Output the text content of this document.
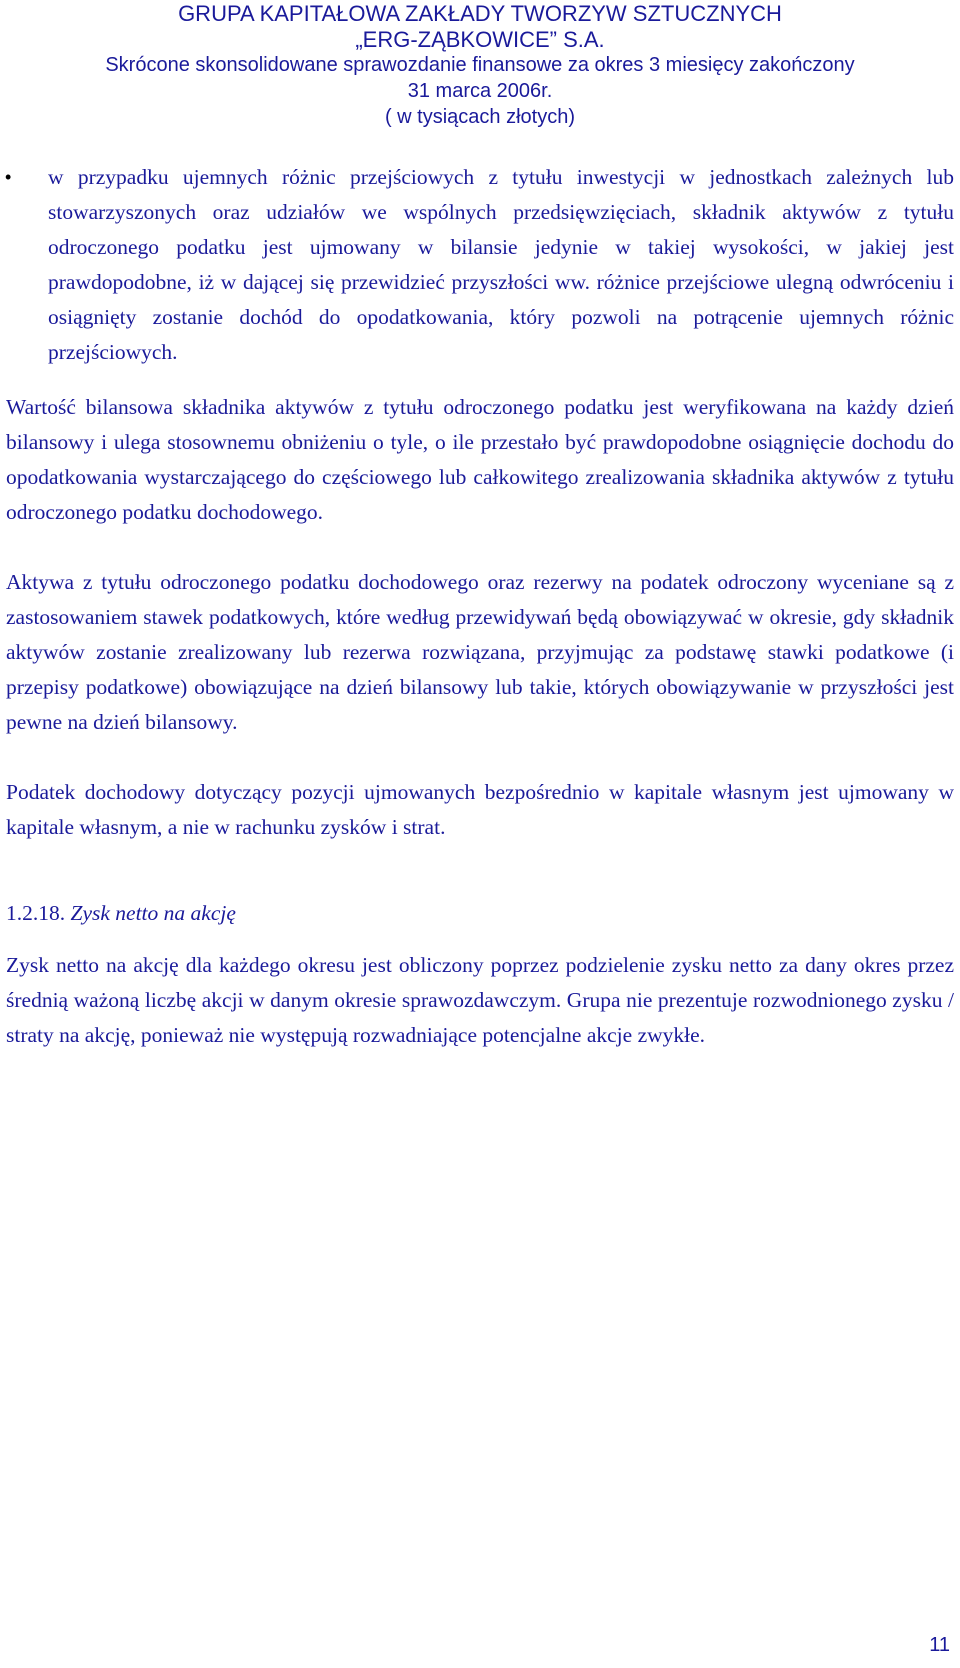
GRUPA KAPITAŁOWA ZAKŁADY TWORZYW SZTUCZNYCH
„ERG-ZĄBKOWICE” S.A.
Skrócone skonsolidowane sprawozdanie finansowe za okres 3 miesięcy zakończony
31 marca 2006r.
( w tysiącach złotych)
• w przypadku ujemnych różnic przejściowych z tytułu inwestycji w jednostkach zależnych lub stowarzyszonych oraz udziałów we wspólnych przedsięwzięciach, składnik aktywów z tytułu odroczonego podatku jest ujmowany w bilansie jedynie w takiej wysokości, w jakiej jest prawdopodobne, iż w dającej się przewidzieć przyszłości ww. różnice przejściowe ulegną odwróceniu i osiągnięty zostanie dochód do opodatkowania, który pozwoli na potrącenie ujemnych różnic przejściowych.

Wartość bilansowa składnika aktywów z tytułu odroczonego podatku jest weryfikowana na każdy dzień bilansowy i ulega stosownemu obniżeniu o tyle, o ile przestało być prawdopodobne osiągnięcie dochodu do opodatkowania wystarczającego do częściowego lub całkowitego zrealizowania składnika aktywów z tytułu odroczonego podatku dochodowego.

Aktywa z tytułu odroczonego podatku dochodowego oraz rezerwy na podatek odroczony wyceniane są z zastosowaniem stawek podatkowych, które według przewidywań będą obowiązywać w okresie, gdy składnik aktywów zostanie zrealizowany lub rezerwa rozwiązana, przyjmując za podstawę stawki podatkowe (i przepisy podatkowe) obowiązujące na dzień bilansowy lub takie, których obowiązywanie w przyszłości jest pewne na dzień bilansowy.

Podatek dochodowy dotyczący pozycji ujmowanych bezpośrednio w kapitale własnym jest ujmowany w kapitale własnym, a nie w rachunku zysków i strat.

1.2.18. Zysk netto na akcję

Zysk netto na akcję dla każdego okresu jest obliczony poprzez podzielenie zysku netto za dany okres przez średnią ważoną liczbę akcji w danym okresie sprawozdawczym. Grupa nie prezentuje rozwodnionego zysku / straty na akcję, ponieważ nie występują rozwadniające potencjalne akcje zwykłe.

11
